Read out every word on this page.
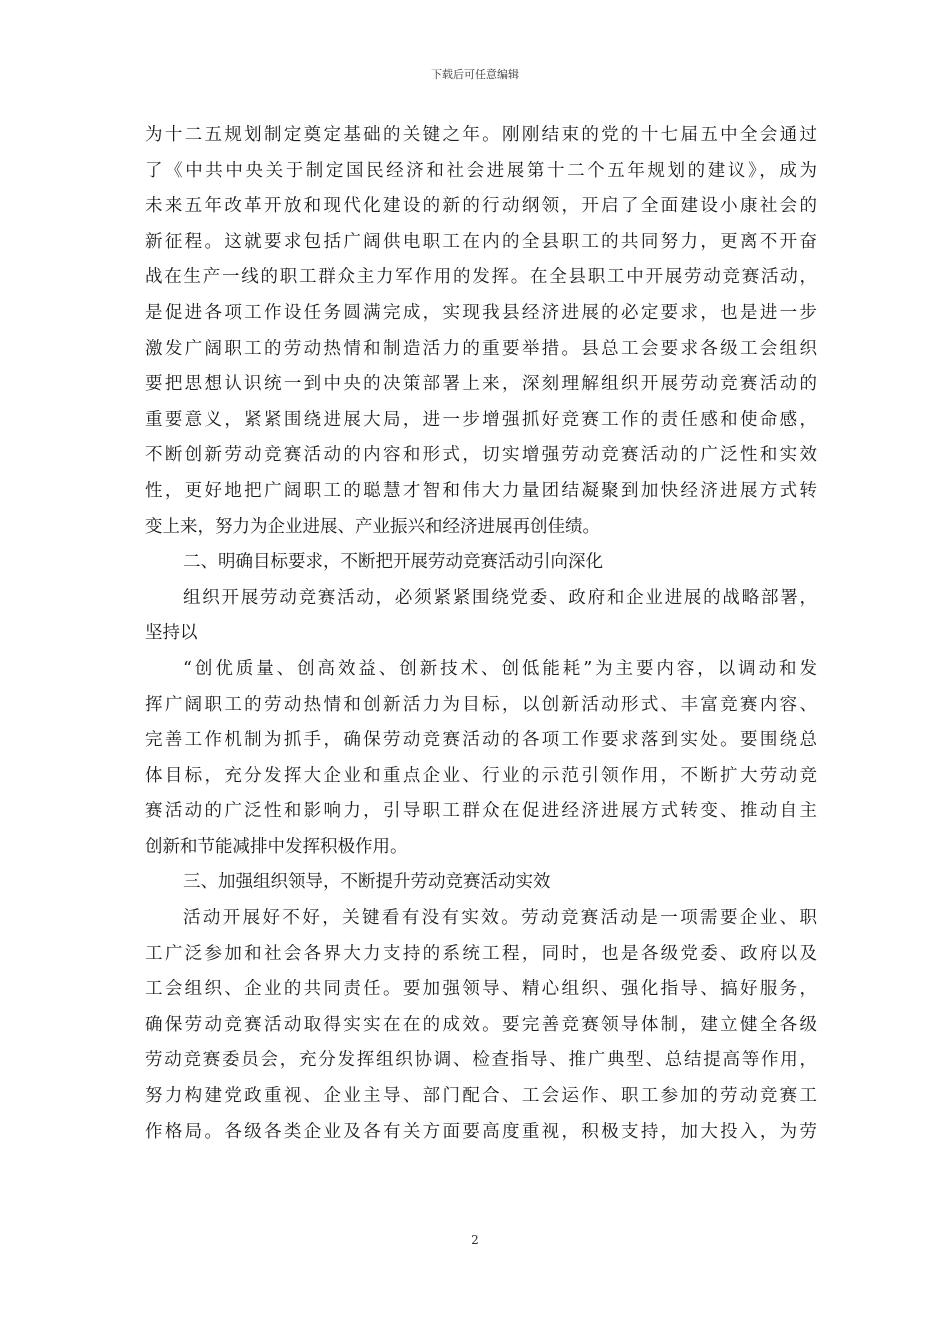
下载后可任意编辑
为十二五规划制定奠定基础的关键之年。刚刚结束的党的十七届五中全会通过
了《中共中央关于制定国民经济和社会进展第十二个五年规划的建议》，成为
未来五年改革开放和现代化建设的新的行动纲领，开启了全面建设小康社会的
新征程。这就要求包括广阔供电职工在内的全县职工的共同努力，更离不开奋
战在生产一线的职工群众主力军作用的发挥。在全县职工中开展劳动竞赛活动，
是促进各项工作设任务圆满完成，实现我县经济进展的必定要求，也是进一步
激发广阔职工的劳动热情和制造活力的重要举措。县总工会要求各级工会组织
要把思想认识统一到中央的决策部署上来，深刻理解组织开展劳动竞赛活动的
重要意义，紧紧围绕进展大局，进一步增强抓好竞赛工作的责任感和使命感，
不断创新劳动竞赛活动的内容和形式，切实增强劳动竞赛活动的广泛性和实效
性，更好地把广阔职工的聪慧才智和伟大力量团结凝聚到加快经济进展方式转
变上来，努力为企业进展、产业振兴和经济进展再创佳绩。
二、明确目标要求，不断把开展劳动竞赛活动引向深化
组织开展劳动竞赛活动，必须紧紧围绕党委、政府和企业进展的战略部署，
坚持以
“创优质量、创高效益、创新技术、创低能耗”为主要内容，以调动和发
挥广阔职工的劳动热情和创新活力为目标，以创新活动形式、丰富竞赛内容、
完善工作机制为抓手，确保劳动竞赛活动的各项工作要求落到实处。要围绕总
体目标，充分发挥大企业和重点企业、行业的示范引领作用，不断扩大劳动竞
赛活动的广泛性和影响力，引导职工群众在促进经济进展方式转变、推动自主
创新和节能减排中发挥积极作用。
三、加强组织领导，不断提升劳动竞赛活动实效
活动开展好不好，关键看有没有实效。劳动竞赛活动是一项需要企业、职
工广泛参加和社会各界大力支持的系统工程，同时，也是各级党委、政府以及
工会组织、企业的共同责任。要加强领导、精心组织、强化指导、搞好服务，
确保劳动竞赛活动取得实实在在的成效。要完善竞赛领导体制，建立健全各级
劳动竞赛委员会，充分发挥组织协调、检查指导、推广典型、总结提高等作用，
努力构建党政重视、企业主导、部门配合、工会运作、职工参加的劳动竞赛工
作格局。各级各类企业及各有关方面要高度重视，积极支持，加大投入，为劳
2
